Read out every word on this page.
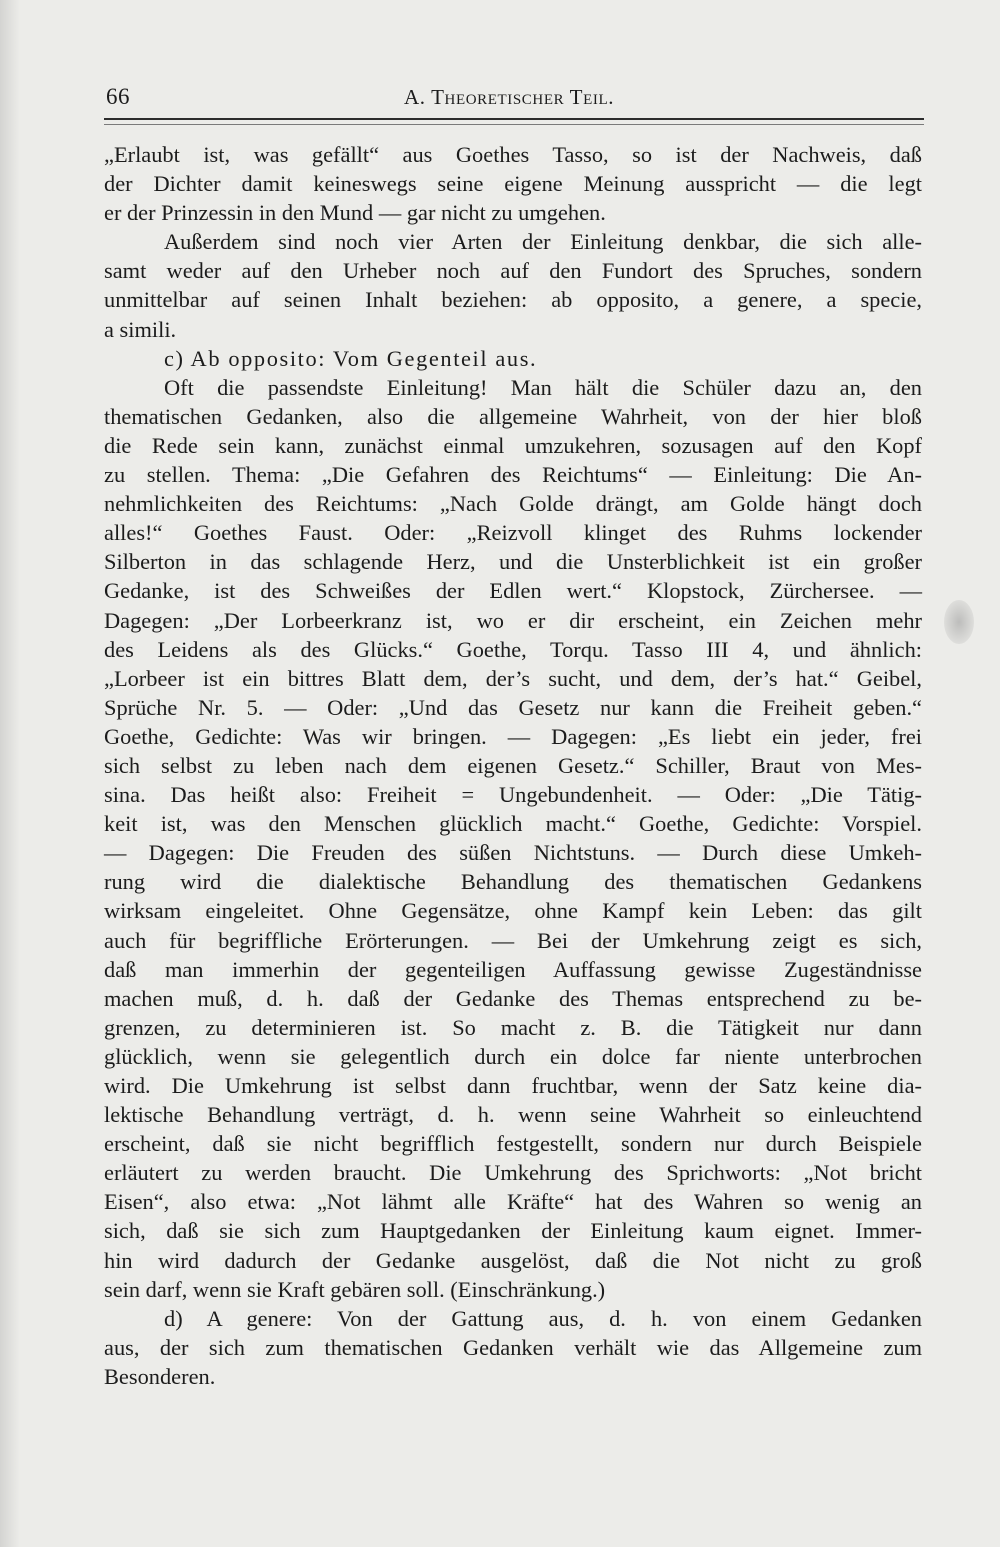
66	A. Theoretischer Teil.
„Erlaubt ist, was gefällt“ aus Goethes Tasso, so ist der Nachweis, daß
der Dichter damit keineswegs seine eigene Meinung ausspricht — die legt
er der Prinzessin in den Mund — gar nicht zu umgehen.
Außerdem sind noch vier Arten der Einleitung denkbar, die sich alle-
samt weder auf den Urheber noch auf den Fundort des Spruches, sondern
unmittelbar auf seinen Inhalt beziehen: ab opposito, a genere, a specie,
a simili.
c) Ab opposito: Vom Gegenteil aus.
Oft die passendste Einleitung! Man hält die Schüler dazu an, den
thematischen Gedanken, also die allgemeine Wahrheit, von der hier bloß
die Rede sein kann, zunächst einmal umzukehren, sozusagen auf den Kopf
zu stellen. Thema: „Die Gefahren des Reichtums“ — Einleitung: Die An-
nehmlichkeiten des Reichtums: „Nach Golde drängt, am Golde hängt doch
alles!“ Goethes Faust. Oder: „Reizvoll klinget des Ruhms lockender
Silberton in das schlagende Herz, und die Unsterblichkeit ist ein großer
Gedanke, ist des Schweißes der Edlen wert.“ Klopstock, Zürchersee. —
Dagegen: „Der Lorbeerkranz ist, wo er dir erscheint, ein Zeichen mehr
des Leidens als des Glücks.“ Goethe, Torqu. Tasso III 4, und ähnlich:
„Lorbeer ist ein bittres Blatt dem, der’s sucht, und dem, der’s hat.“ Geibel,
Sprüche Nr. 5. — Oder: „Und das Gesetz nur kann die Freiheit geben.“
Goethe, Gedichte: Was wir bringen. — Dagegen: „Es liebt ein jeder, frei
sich selbst zu leben nach dem eigenen Gesetz.“ Schiller, Braut von Mes-
sina. Das heißt also: Freiheit = Ungebundenheit. — Oder: „Die Tätig-
keit ist, was den Menschen glücklich macht.“ Goethe, Gedichte: Vorspiel.
— Dagegen: Die Freuden des süßen Nichtstuns. — Durch diese Umkeh-
rung wird die dialektische Behandlung des thematischen Gedankens
wirksam eingeleitet. Ohne Gegensätze, ohne Kampf kein Leben: das gilt
auch für begriffliche Erörterungen. — Bei der Umkehrung zeigt es sich,
daß man immerhin der gegenteiligen Auffassung gewisse Zugeständnisse
machen muß, d. h. daß der Gedanke des Themas entsprechend zu be-
grenzen, zu determinieren ist. So macht z. B. die Tätigkeit nur dann
glücklich, wenn sie gelegentlich durch ein dolce far niente unterbrochen
wird. Die Umkehrung ist selbst dann fruchtbar, wenn der Satz keine dia-
lektische Behandlung verträgt, d. h. wenn seine Wahrheit so einleuchtend
erscheint, daß sie nicht begrifflich festgestellt, sondern nur durch Beispiele
erläutert zu werden braucht. Die Umkehrung des Sprichworts: „Not bricht
Eisen“, also etwa: „Not lähmt alle Kräfte“ hat des Wahren so wenig an
sich, daß sie sich zum Hauptgedanken der Einleitung kaum eignet. Immer-
hin wird dadurch der Gedanke ausgelöst, daß die Not nicht zu groß
sein darf, wenn sie Kraft gebären soll. (Einschränkung.)
d) A genere: Von der Gattung aus, d. h. von einem Gedanken
aus, der sich zum thematischen Gedanken verhält wie das Allgemeine zum
Besonderen.
